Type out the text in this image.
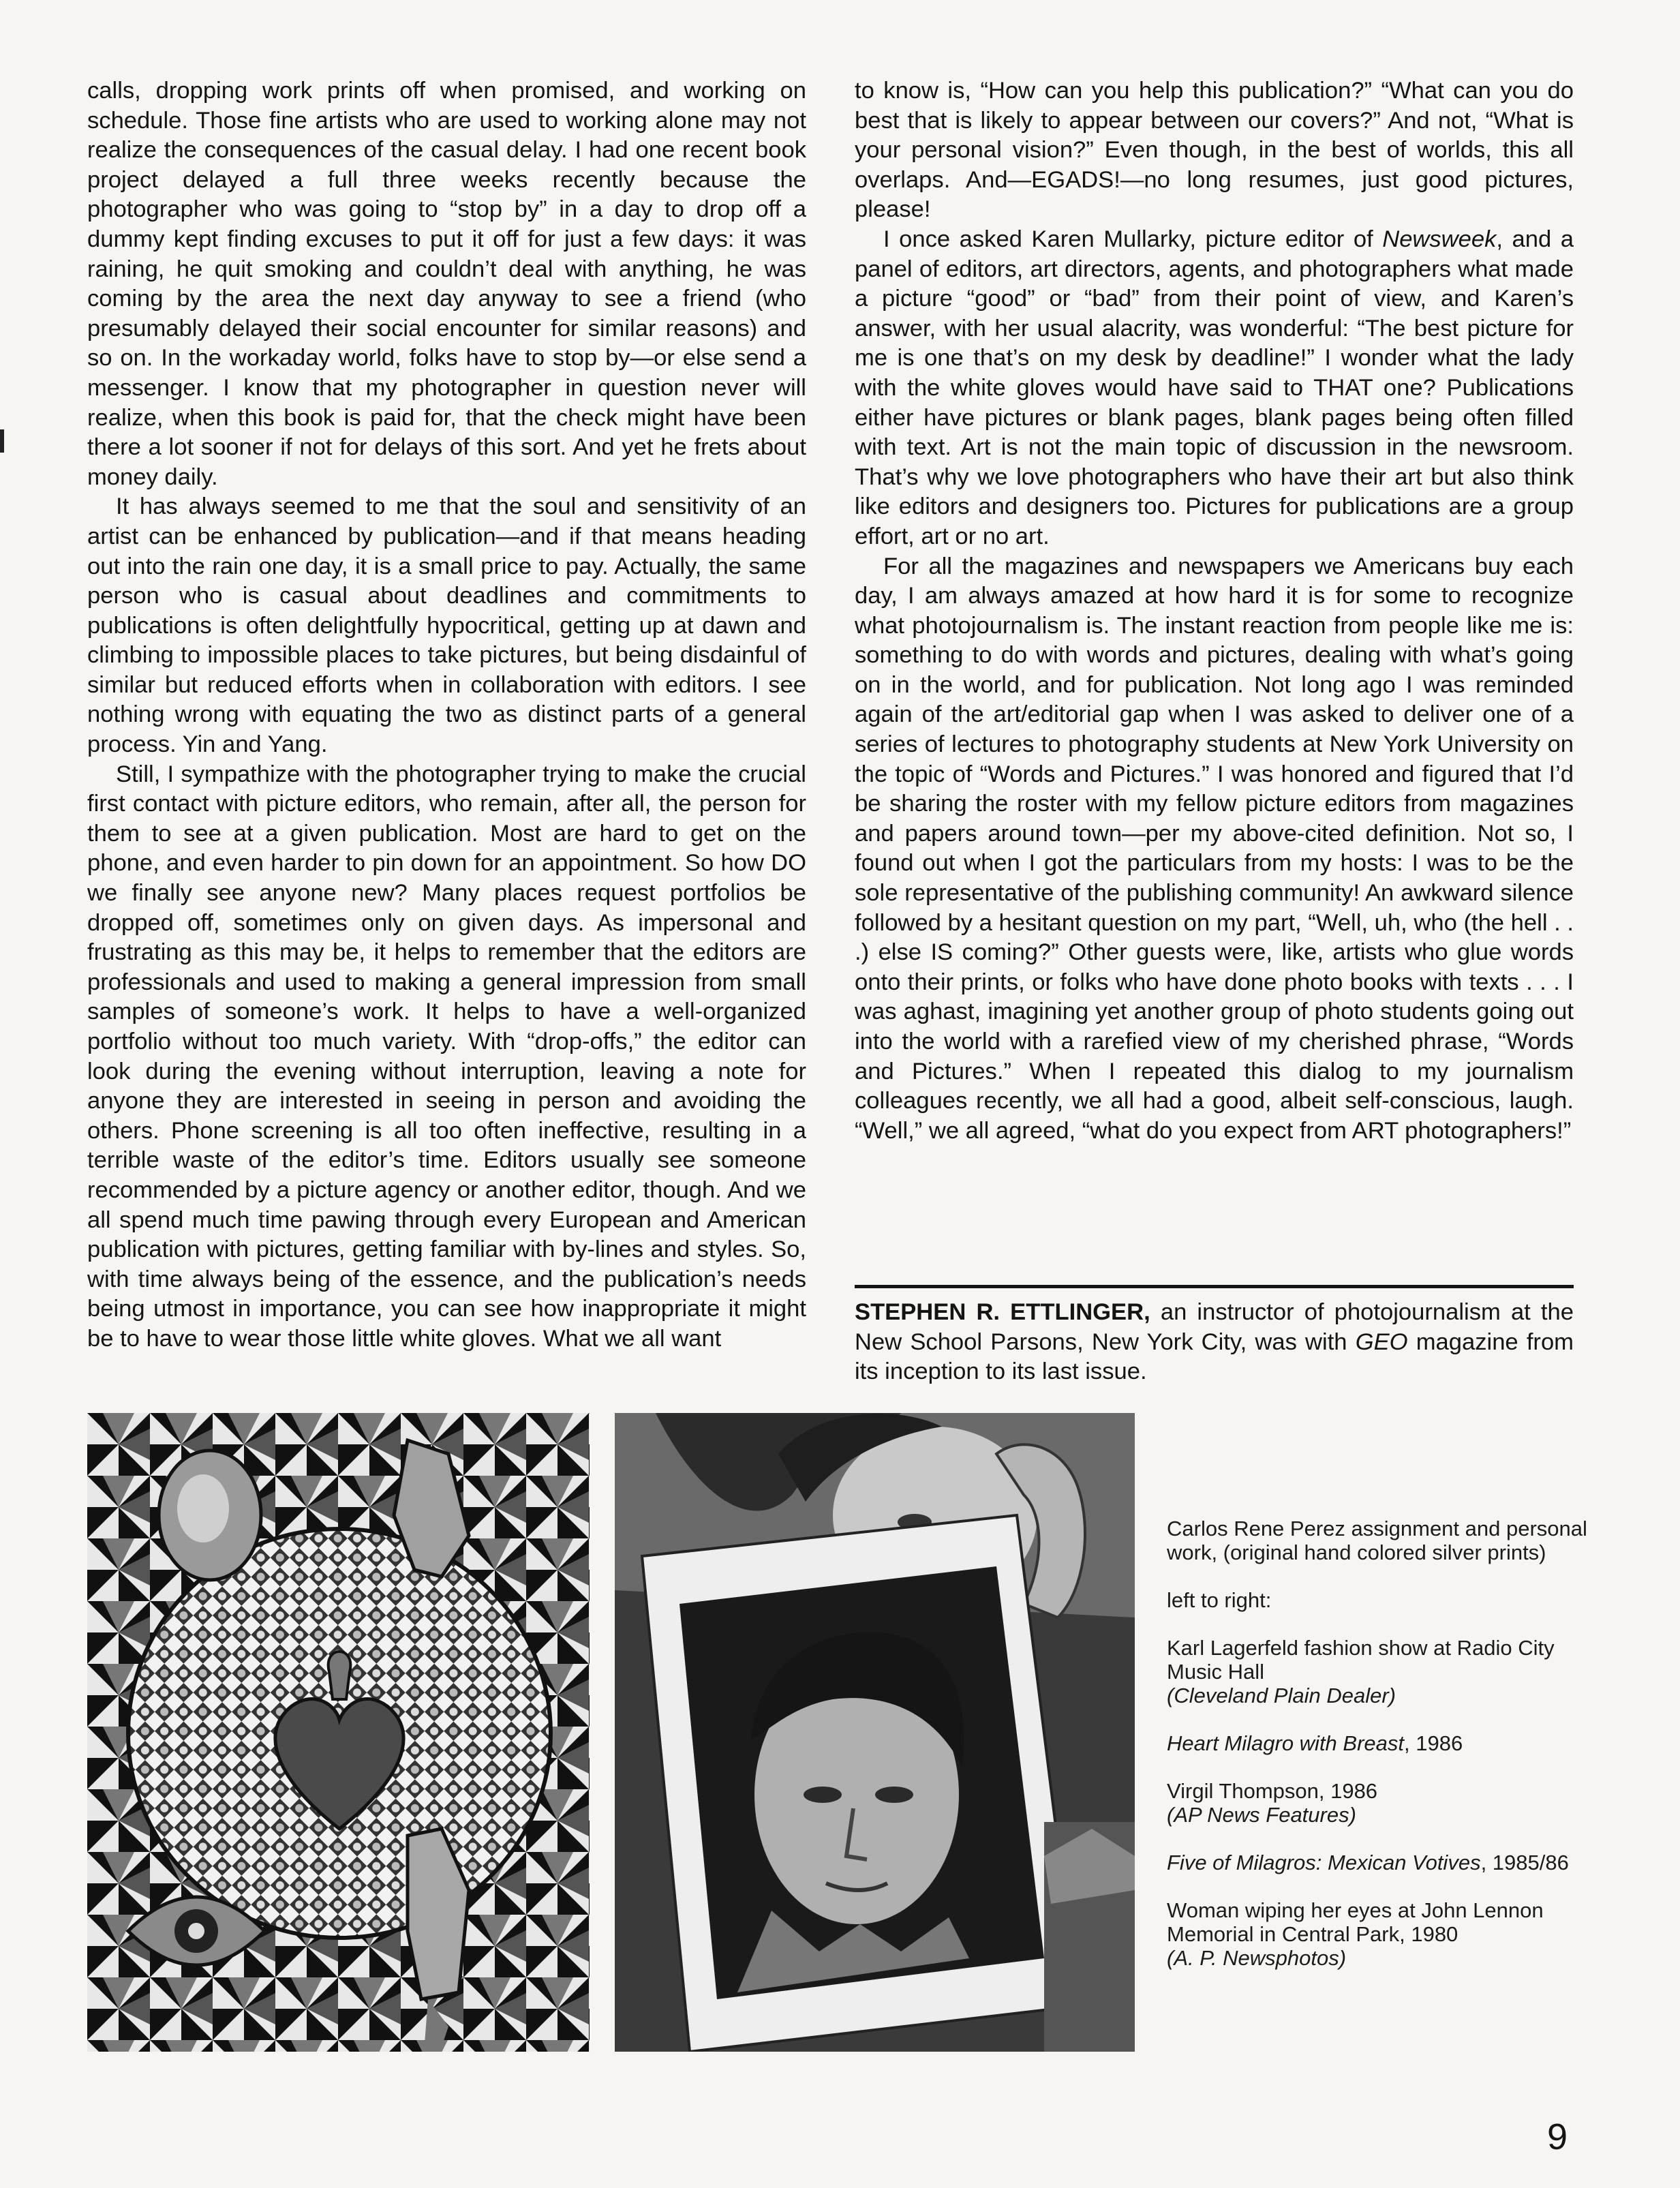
calls, dropping work prints off when promised, and working on schedule. Those fine artists who are used to working alone may not realize the consequences of the casual delay. I had one recent book project delayed a full three weeks recently because the photographer who was going to “stop by” in a day to drop off a dummy kept finding excuses to put it off for just a few days: it was raining, he quit smoking and couldn’t deal with anything, he was coming by the area the next day anyway to see a friend (who presumably delayed their social encounter for similar reasons) and so on. In the workaday world, folks have to stop by—or else send a messenger. I know that my photographer in question never will realize, when this book is paid for, that the check might have been there a lot sooner if not for delays of this sort. And yet he frets about money daily.

It has always seemed to me that the soul and sensitivity of an artist can be enhanced by publication—and if that means heading out into the rain one day, it is a small price to pay. Actually, the same person who is casual about deadlines and commitments to publications is often delightfully hypocritical, getting up at dawn and climbing to impossible places to take pictures, but being disdainful of similar but reduced efforts when in collaboration with editors. I see nothing wrong with equating the two as distinct parts of a general process. Yin and Yang.

Still, I sympathize with the photographer trying to make the crucial first contact with picture editors, who remain, after all, the person for them to see at a given publication. Most are hard to get on the phone, and even harder to pin down for an appointment. So how DO we finally see anyone new? Many places request portfolios be dropped off, sometimes only on given days. As impersonal and frustrating as this may be, it helps to remember that the editors are professionals and used to making a general impression from small samples of someone’s work. It helps to have a well-organized portfolio without too much variety. With “drop-offs,” the editor can look during the evening without interruption, leaving a note for anyone they are interested in seeing in person and avoiding the others. Phone screening is all too often ineffective, resulting in a terrible waste of the editor’s time. Editors usually see someone recommended by a picture agency or another editor, though. And we all spend much time pawing through every European and American publication with pictures, getting familiar with by-lines and styles. So, with time always being of the essence, and the publication’s needs being utmost in importance, you can see how inappropriate it might be to have to wear those little white gloves. What we all want

to know is, “How can you help this publication?” “What can you do best that is likely to appear between our covers?” And not, “What is your personal vision?” Even though, in the best of worlds, this all overlaps. And—EGADS!—no long resumes, just good pictures, please!

I once asked Karen Mullarky, picture editor of Newsweek, and a panel of editors, art directors, agents, and photographers what made a picture “good” or “bad” from their point of view, and Karen’s answer, with her usual alacrity, was wonderful: “The best picture for me is one that’s on my desk by deadline!” I wonder what the lady with the white gloves would have said to THAT one? Publications either have pictures or blank pages, blank pages being often filled with text. Art is not the main topic of discussion in the newsroom. That’s why we love photographers who have their art but also think like editors and designers too. Pictures for publications are a group effort, art or no art.

For all the magazines and newspapers we Americans buy each day, I am always amazed at how hard it is for some to recognize what photojournalism is. The instant reaction from people like me is: something to do with words and pictures, dealing with what’s going on in the world, and for publication. Not long ago I was reminded again of the art/editorial gap when I was asked to deliver one of a series of lectures to photography students at New York University on the topic of “Words and Pictures.” I was honored and figured that I’d be sharing the roster with my fellow picture editors from magazines and papers around town—per my above-cited definition. Not so, I found out when I got the particulars from my hosts: I was to be the sole representative of the publishing community! An awkward silence followed by a hesitant question on my part, “Well, uh, who (the hell . . .) else IS coming?” Other guests were, like, artists who glue words onto their prints, or folks who have done photo books with texts . . . I was aghast, imagining yet another group of photo students going out into the world with a rarefied view of my cherished phrase, “Words and Pictures.” When I repeated this dialog to my journalism colleagues recently, we all had a good, albeit self-conscious, laugh. “Well,” we all agreed, “what do you expect from ART photographers!”

STEPHEN R. ETTLINGER, an instructor of photojournalism at the New School Parsons, New York City, was with GEO magazine from its inception to its last issue.

Carlos Rene Perez assignment and personal work, (original hand colored silver prints)

left to right:

Karl Lagerfeld fashion show at Radio City Music Hall
(Cleveland Plain Dealer)

Heart Milagro with Breast, 1986

Virgil Thompson, 1986
(AP News Features)

Five of Milagros: Mexican Votives, 1985/86

Woman wiping her eyes at John Lennon Memorial in Central Park, 1980
(A. P. Newsphotos)

9
